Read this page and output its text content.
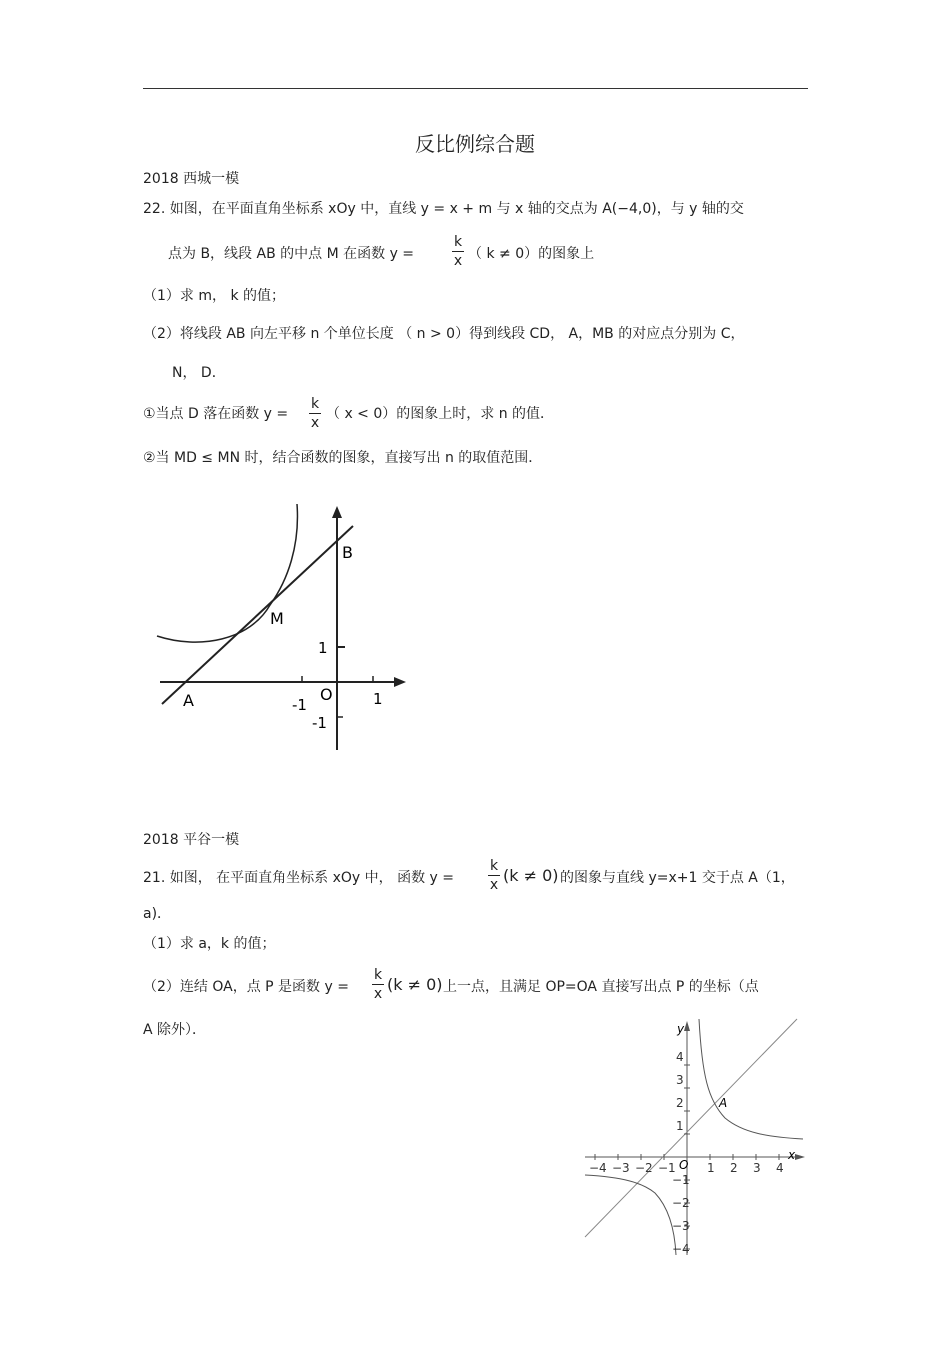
反比例综合题
2018 西城一模
22. 如图，在平面直角坐标系 xOy 中，直线 y = x + m 与 x 轴的交点为 A(−4,0)，与 y 轴的交
点为 B，线段 AB 的中点 M 在函数 y =
k
x （ k ≠ 0）的图象上
（1）求 m， k 的值；
（2）将线段 AB 向左平移 n 个单位长度 （ n > 0）得到线段 CD， A，MB 的对应点分别为 C，
N， D．
①当点 D 落在函数 y =
k
x
（ x < 0）的图象上时，求 n 的值．
②当 MD ≤ MN 时，结合函数的图象，直接写出 n 的取值范围．
B
M
1
A	-1
O	1
-1
2018 平谷一模
21. 如图， 在平面直角坐标系 xOy 中， 函数 y =
k
x (k ≠ 0) 的图象与直线 y=x+1 交于点 A（1，
a)．
（1）求 a，k 的值；
（2）连结 OA，点 P 是函数 y =
k
x (k ≠ 0) 上一点，且满足 OP=OA 直接写出点 P 的坐标（点
A 除外）．	y
x
O
A
4
3
2
1
−1
−2
−3
−4
−4 −3 −2 −1	1 2 3 4
